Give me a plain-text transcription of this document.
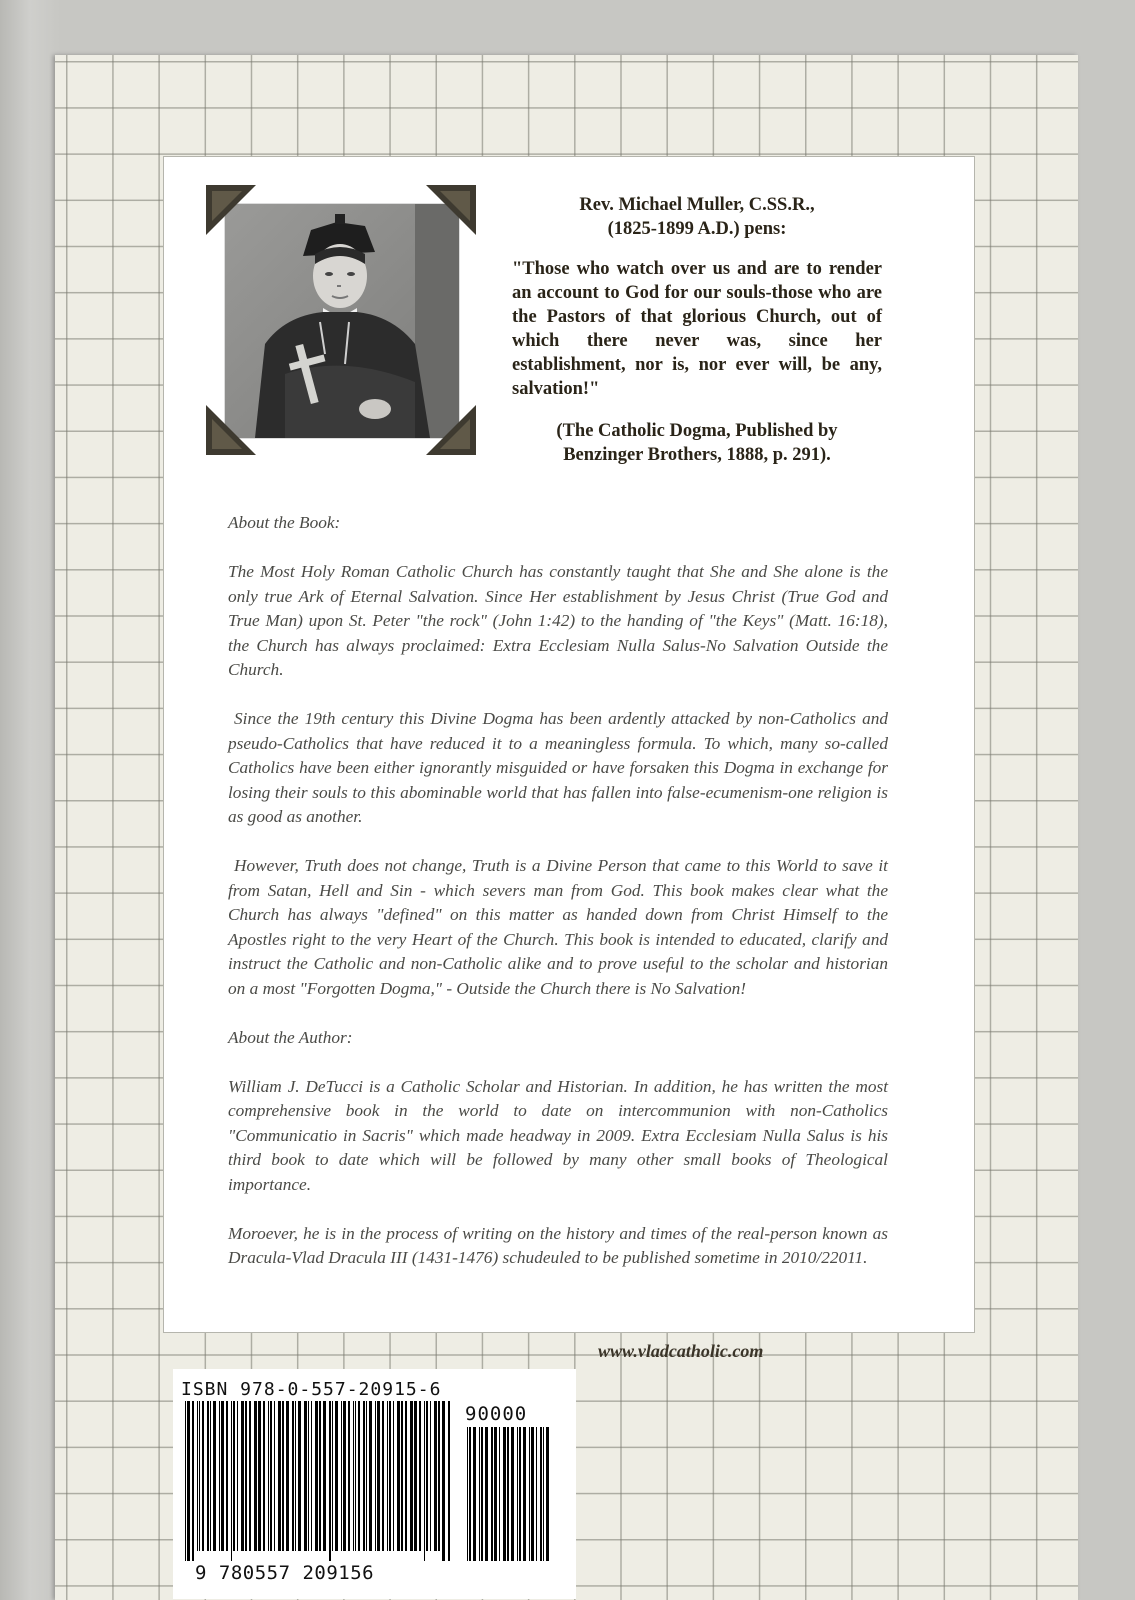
Rev. Michael Muller, C.SS.R.,
(1825-1899 A.D.) pens:

"Those who watch over us and are to render an account to God for our souls-those who are the Pastors of that glorious Church, out of which there never was, since her establishment, nor is, nor ever will, be any, salvation!"

(The Catholic Dogma, Published by
Benzinger Brothers, 1888, p. 291).

About the Book:

The Most Holy Roman Catholic Church has constantly taught that She and She alone is the only true Ark of Eternal Salvation. Since Her establishment by Jesus Christ (True God and True Man) upon St. Peter "the rock" (John 1:42) to the handing of "the Keys" (Matt. 16:18), the Church has always proclaimed: Extra Ecclesiam Nulla Salus-No Salvation Outside the Church.

Since the 19th century this Divine Dogma has been ardently attacked by non-Catholics and pseudo-Catholics that have reduced it to a meaningless formula. To which, many so-called Catholics have been either ignorantly misguided or have forsaken this Dogma in exchange for losing their souls to this abominable world that has fallen into false-ecumenism-one religion is as good as another.

However, Truth does not change, Truth is a Divine Person that came to this World to save it from Satan, Hell and Sin - which severs man from God. This book makes clear what the Church has always "defined" on this matter as handed down from Christ Himself to the Apostles right to the very Heart of the Church. This book is intended to educated, clarify and instruct the Catholic and non-Catholic alike and to prove useful to the scholar and historian on a most "Forgotten Dogma," - Outside the Church there is No Salvation!

About the Author:

William J. DeTucci is a Catholic Scholar and Historian. In addition, he has written the most comprehensive book in the world to date on intercommunion with non-Catholics "Communicatio in Sacris" which made headway in 2009. Extra Ecclesiam Nulla Salus is his third book to date which will be followed by many other small books of Theological importance.

Moroever, he is in the process of writing on the history and times of the real-person known as Dracula-Vlad Dracula III (1431-1476) schudeuled to be published sometime in 2010/22011.

www.vladcatholic.com
ISBN 978-0-557-20915-6
90000
9 780557 209156
